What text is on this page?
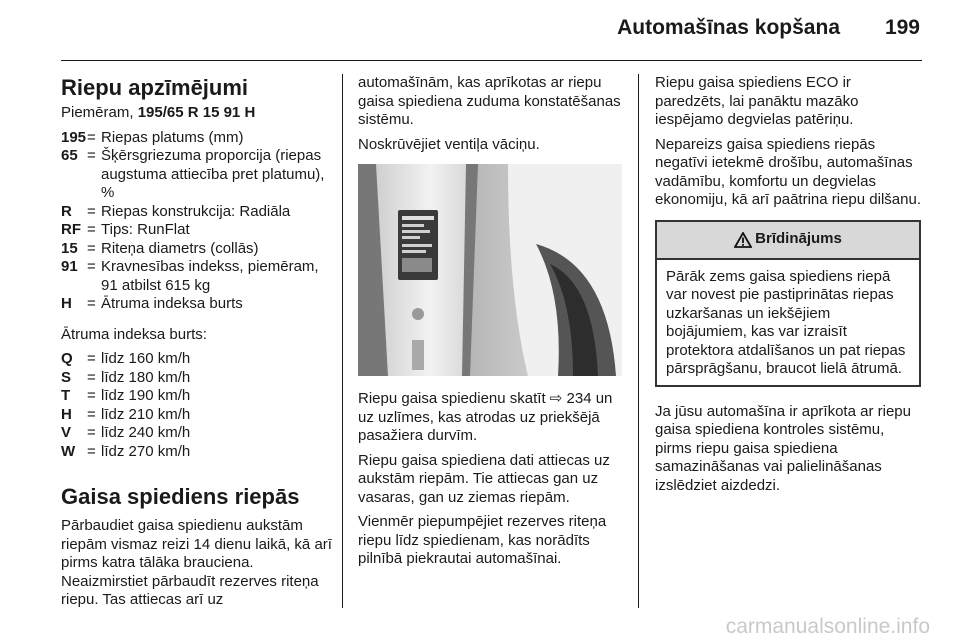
Automašīnas kopšana 199
Riepu apzīmējumi

Piemēram, 195/65 R 15 91 H

195 = Riepas platums (mm)
65 = Šķērsgriezuma proporcija (riepas augstuma attiecība pret platumu), %
R	= Riepas konstrukcija: Radiāla
RF = Tips: RunFlat
15 = Riteņa diametrs (collās)
91 = Kravnesības indekss, piemēram, 91 atbilst 615 kg
H	= Ātruma indeksa burts

Ātruma indeksa burts:

Q = līdz 160 km/h
S	= līdz 180 km/h
T	= līdz 190 km/h
H	= līdz 210 km/h
V	= līdz 240 km/h
W = līdz 270 km/h
Gaisa spiediens riepās

Pārbaudiet gaisa spiedienu aukstām riepām vismaz reizi 14 dienu laikā, kā arī pirms katra tālāka brauciena. Neaizmirstiet pārbaudīt rezerves riteņa riepu. Tas attiecas arī uz

automašīnām, kas aprīkotas ar riepu gaisa spiediena zuduma konstatēšanas sistēmu.

Noskrūvējiet ventiļa vāciņu.

Riepu gaisa spiedienu skatīt ⇨ 234 un uz uzlīmes, kas atrodas uz priekšējā pasažiera durvīm.

Riepu gaisa spiediena dati attiecas uz aukstām riepām. Tie attiecas gan uz vasaras, gan uz ziemas riepām.

Vienmēr piepumpējiet rezerves riteņa riepu līdz spiedienam, kas norādīts pilnībā piekrautai automašīnai.

Riepu gaisa spiediens ECO ir paredzēts, lai panāktu mazāko iespējamo degvielas patēriņu.

Nepareizs gaisa spiediens riepās negatīvi ietekmē drošību, automašīnas vadāmību, komfortu un degvielas ekonomiju, kā arī paātrina riepu dilšanu.

Brīdinājums
Pārāk zems gaisa spiediens riepā var novest pie pastiprinātas riepas uzkaršanas un iekšējiem bojājumiem, kas var izraisīt protektora atdalīšanos un pat riepas pārsprāgšanu, braucot lielā ātrumā.

Ja jūsu automašīna ir aprīkota ar riepu gaisa spiediena kontroles sistēmu, pirms riepu gaisa spiediena samazināšanas vai palielināšanas izslēdziet aizdedzi.

carmanualsonline.info
